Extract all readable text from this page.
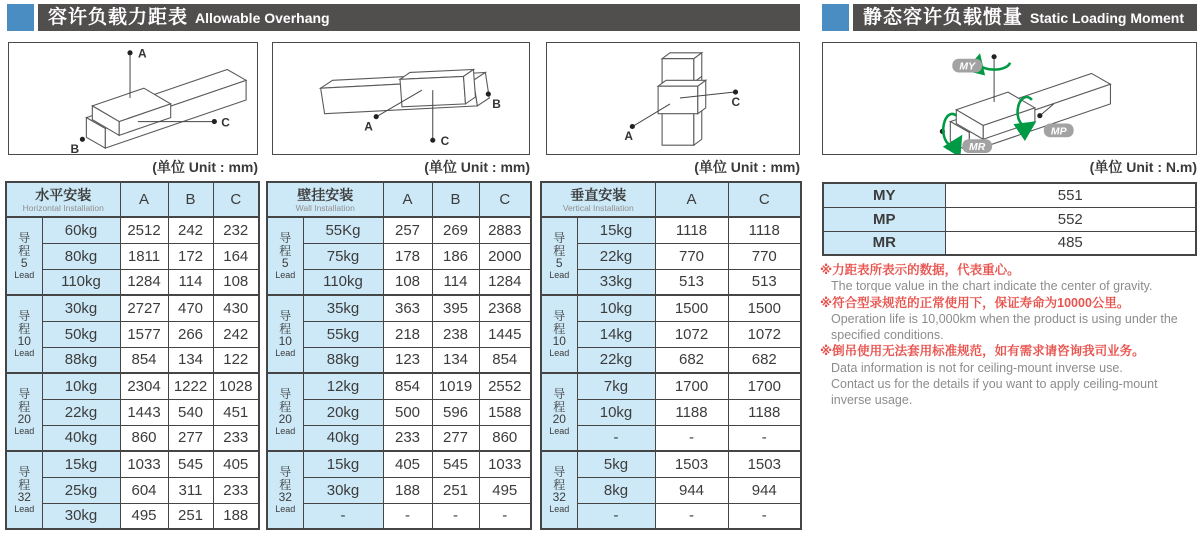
容许负载力距表 Allowable Overhang	静态容许负载惯量 Static Loading Moment
A
B
C	A
B
C	A
C
MY
MP
MR
(单位 Unit : mm)	(单位 Unit : mm)	(单位 Unit : mm)	(单位 Unit : N.m)
水平安装
Horizontal Installation		A	B	C

导
程
5
Lead	60kg	2512	242	232
	80kg	1811	172	164
	110kg	1284	114	108

导
程
10
Lead	30kg	2727	470	430
	50kg	1577	266	242
	88kg	854	134	122

导
程
20
Lead	10kg	2304	1222	1028
	22kg	1443	540	451
	40kg	860	277	233

导
程
32
Lead	15kg	1033	545	405
	25kg	604	311	233
	30kg	495	251	188
壁挂安装
Wall Installation		A	B	C

导
程
5
Lead	55Kg	257	269	2883
	75kg	178	186	2000
	110kg	108	114	1284

导
程
10
Lead	35kg	363	395	2368
	55kg	218	238	1445
	88kg	123	134	854

导
程
20
Lead	12kg	854	1019	2552
	20kg	500	596	1588
	40kg	233	277	860

导
程
32
Lead	15kg	405	545	1033
	30kg	188	251	495
	-	-	-	-
垂直安装
Vertical Installation		A	C

导
程
5
Lead	15kg	1118	1118
	22kg	770	770
	33kg	513	513

导
程
10
Lead	10kg	1500	1500
	14kg	1072	1072
	22kg	682	682

导
程
20
Lead	7kg	1700	1700
	10kg	1188	1188
	-	-	-

导
程
32
Lead	5kg	1503	1503
	8kg	944	944
	-	-	-
MY	551
MP	552
MR	485
※力距表所表示的数据，代表重心。
The torque value in the chart indicate the center of gravity.
※符合型录规范的正常使用下，保证寿命为10000公里。
Operation life is 10,000km when the product is using under the
specified conditions.
※倒吊使用无法套用标准规范，如有需求请咨询我司业务。
Data information is not for ceiling-mount inverse use.
Contact us for the details if you want to apply ceiling-mount
inverse usage.
